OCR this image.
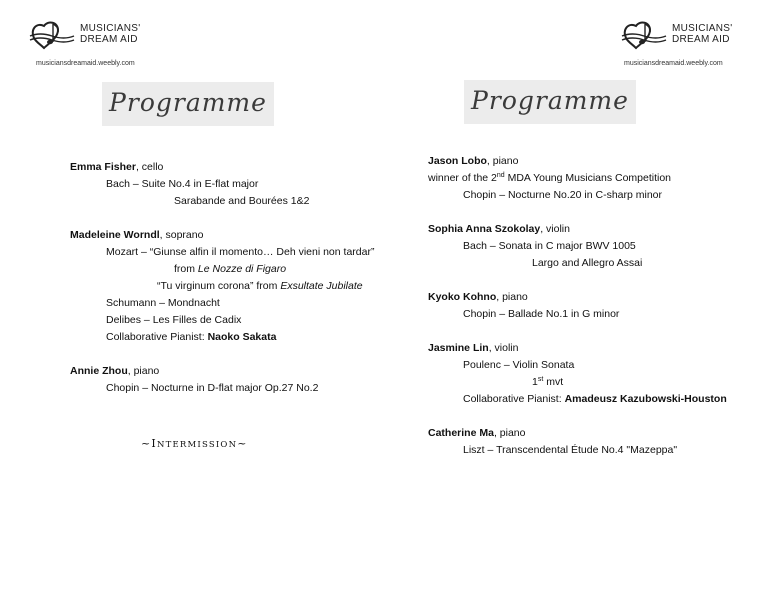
MUSICIANS'
DREAM AID
musiciansdreamaid.weebly.com
Programme
MUSICIANS'
DREAM AID
musiciansdreamaid.weebly.com
Programme
Emma Fisher, cello
Bach – Suite No.4 in E-flat major
Sarabande and Bourées 1&2
Madeleine Worndl, soprano
Mozart – “Giunse alfin il momento… Deh vieni non tardar”
from Le Nozze di Figaro
“Tu virginum corona” from Exsultate Jubilate
Schumann – Mondnacht
Delibes – Les Filles de Cadix
Collaborative Pianist: Naoko Sakata
Annie Zhou, piano
Chopin – Nocturne in D-flat major Op.27 No.2
~INTERMISSION~
Jason Lobo, piano
winner of the 2nd MDA Young Musicians Competition
Chopin – Nocturne No.20 in C-sharp minor
Sophia Anna Szokolay, violin
Bach – Sonata in C major BWV 1005
Largo and Allegro Assai
Kyoko Kohno, piano
Chopin – Ballade No.1 in G minor
Jasmine Lin, violin
Poulenc – Violin Sonata
1st mvt
Collaborative Pianist: Amadeusz Kazubowski-Houston
Catherine Ma, piano
Liszt – Transcendental Étude No.4 "Mazeppa"
